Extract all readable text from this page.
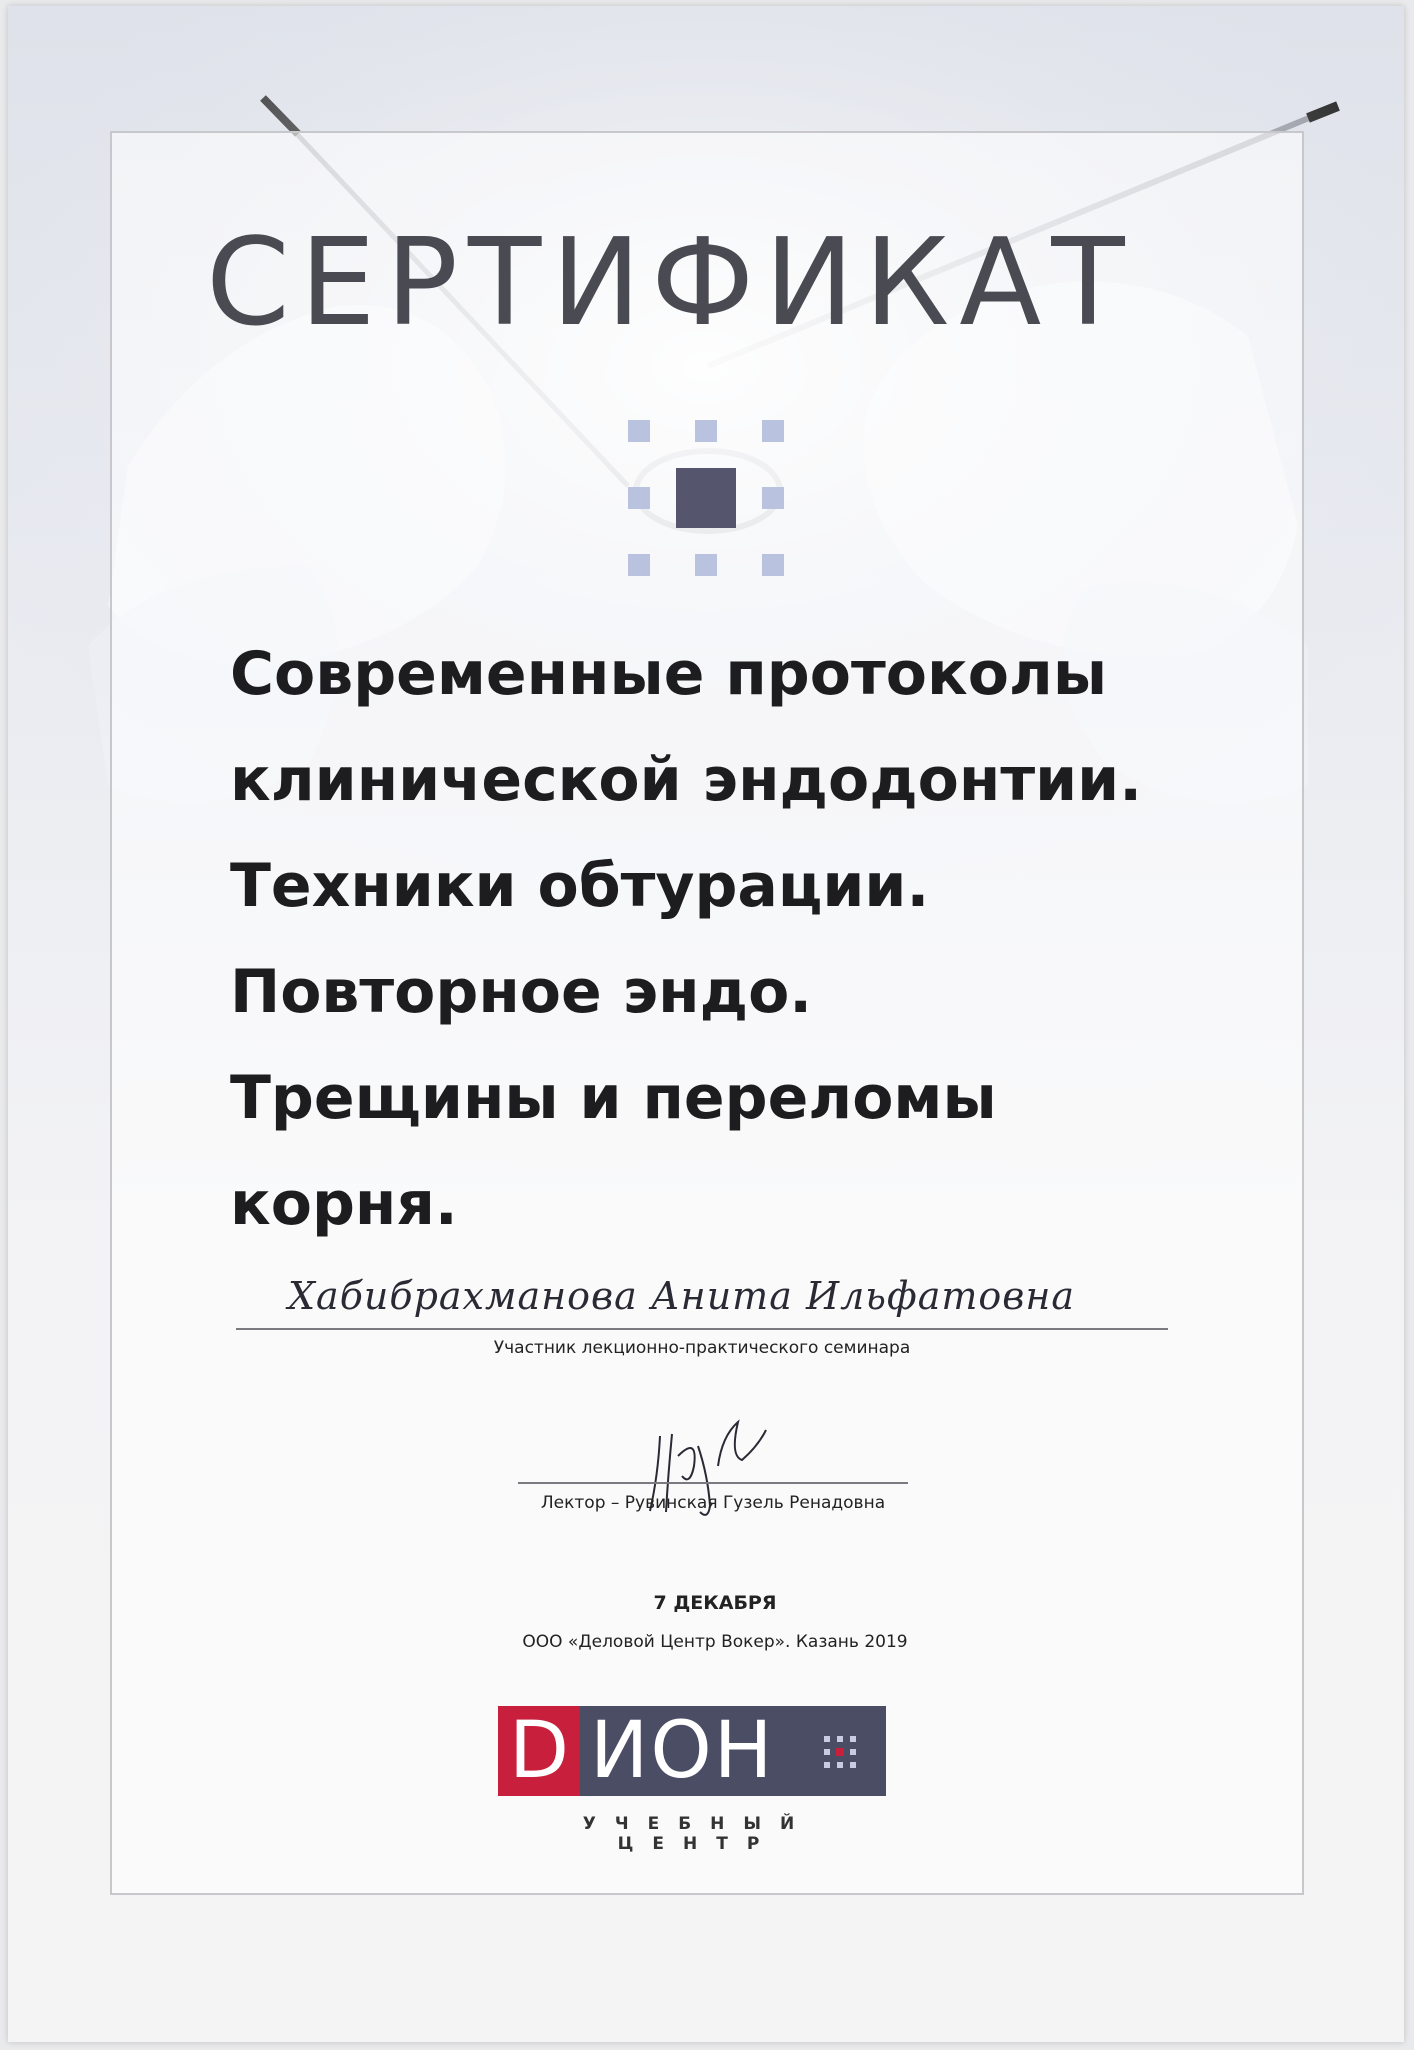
СЕРТИФИКАТ
Современные протоколы
клинической эндодонтии.
Техники обтурации.
Повторное эндо.
Трещины и переломы
корня.
Хабибрахманова Анита Ильфатовна
Участник лекционно-практического семинара
Лектор – Рувинская Гузель Ренадовна
7 ДЕКАБРЯ
ООО «Деловой Центр Вокер». Казань 2019
D ИОН
УЧЕБНЫЙ ЦЕНТР
